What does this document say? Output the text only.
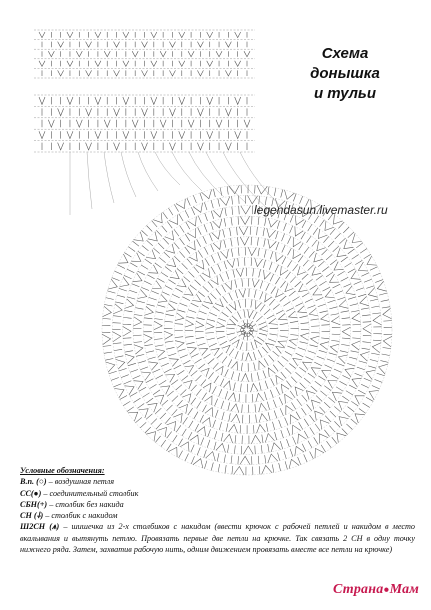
Схема
донышка
и тульи
legendasun.livemaster.ru
Условные обозначения:
В.п. (○) – воздушная петля
СС(●) – соединительный столбик
СБН(+) – столбик без накида
СН (⸸) – столбик с накидом
Ш2СН (⩚) – шишечка из 2-х столбиков с накидом (ввести крючок с рабочей петлей и накидом в место вкалывания и вытянуть петлю. Провязать первые две петли на крючке. Так связать 2 СН в одну точку нижнего ряда. Затем, захватив рабочую нить, одним движением провязать вместе все петли на крючке)
Страна●Мам
